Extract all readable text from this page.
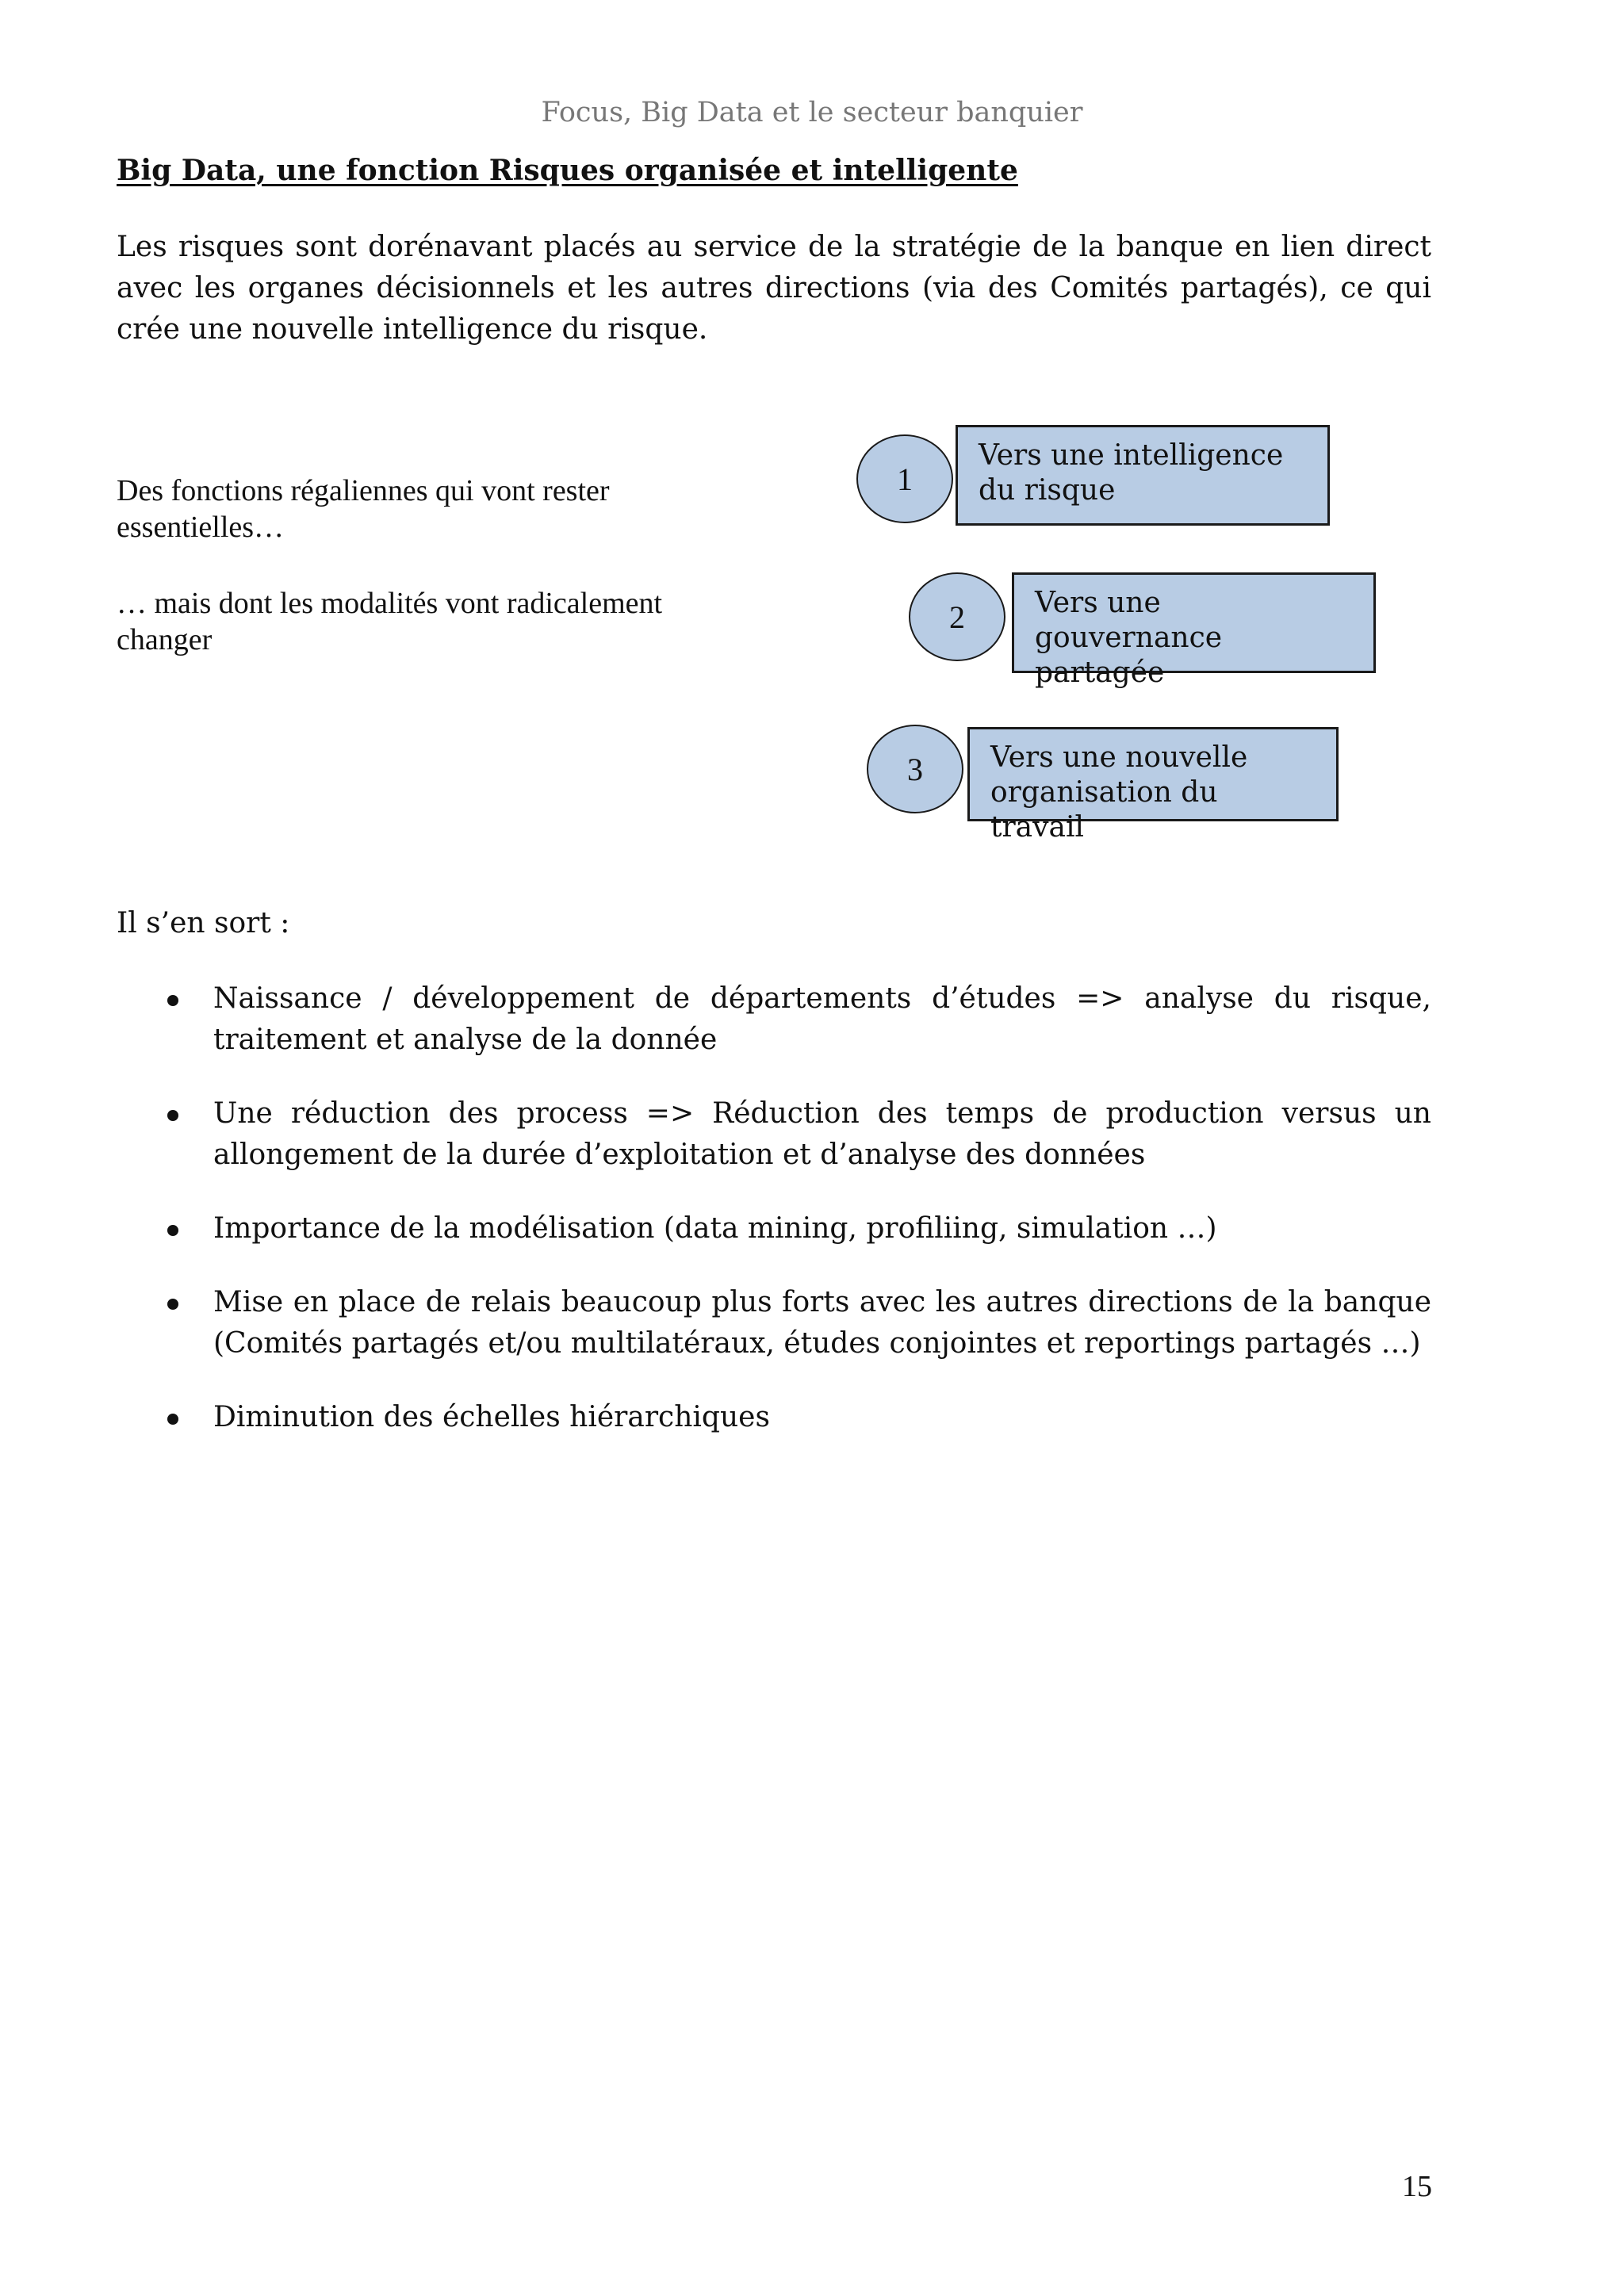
Focus, Big Data et le secteur banquier
Big Data, une fonction Risques organisée et intelligente

Les risques sont dorénavant placés au service de la stratégie de la banque en lien direct avec les organes décisionnels et les autres directions (via des Comités partagés), ce qui crée une nouvelle intelligence du risque.

Des fonctions régaliennes qui vont rester essentielles…

… mais dont les modalités vont radicalement changer

1
Vers une intelligence du risque
2	Vers une gouvernance partagée
3	Vers une nouvelle organisation du travail

Il s’en sort :

Naissance / développement de départements d’études => analyse du risque, traitement et analyse de la donnée
Une réduction des process => Réduction des temps de production versus un allongement de la durée d’exploitation et d’analyse des données
Importance de la modélisation (data mining, profiliing, simulation …)
Mise en place de relais beaucoup plus forts avec les autres directions de la banque (Comités partagés et/ou multilatéraux, études conjointes et reportings partagés …)
Diminution des échelles hiérarchiques
15
